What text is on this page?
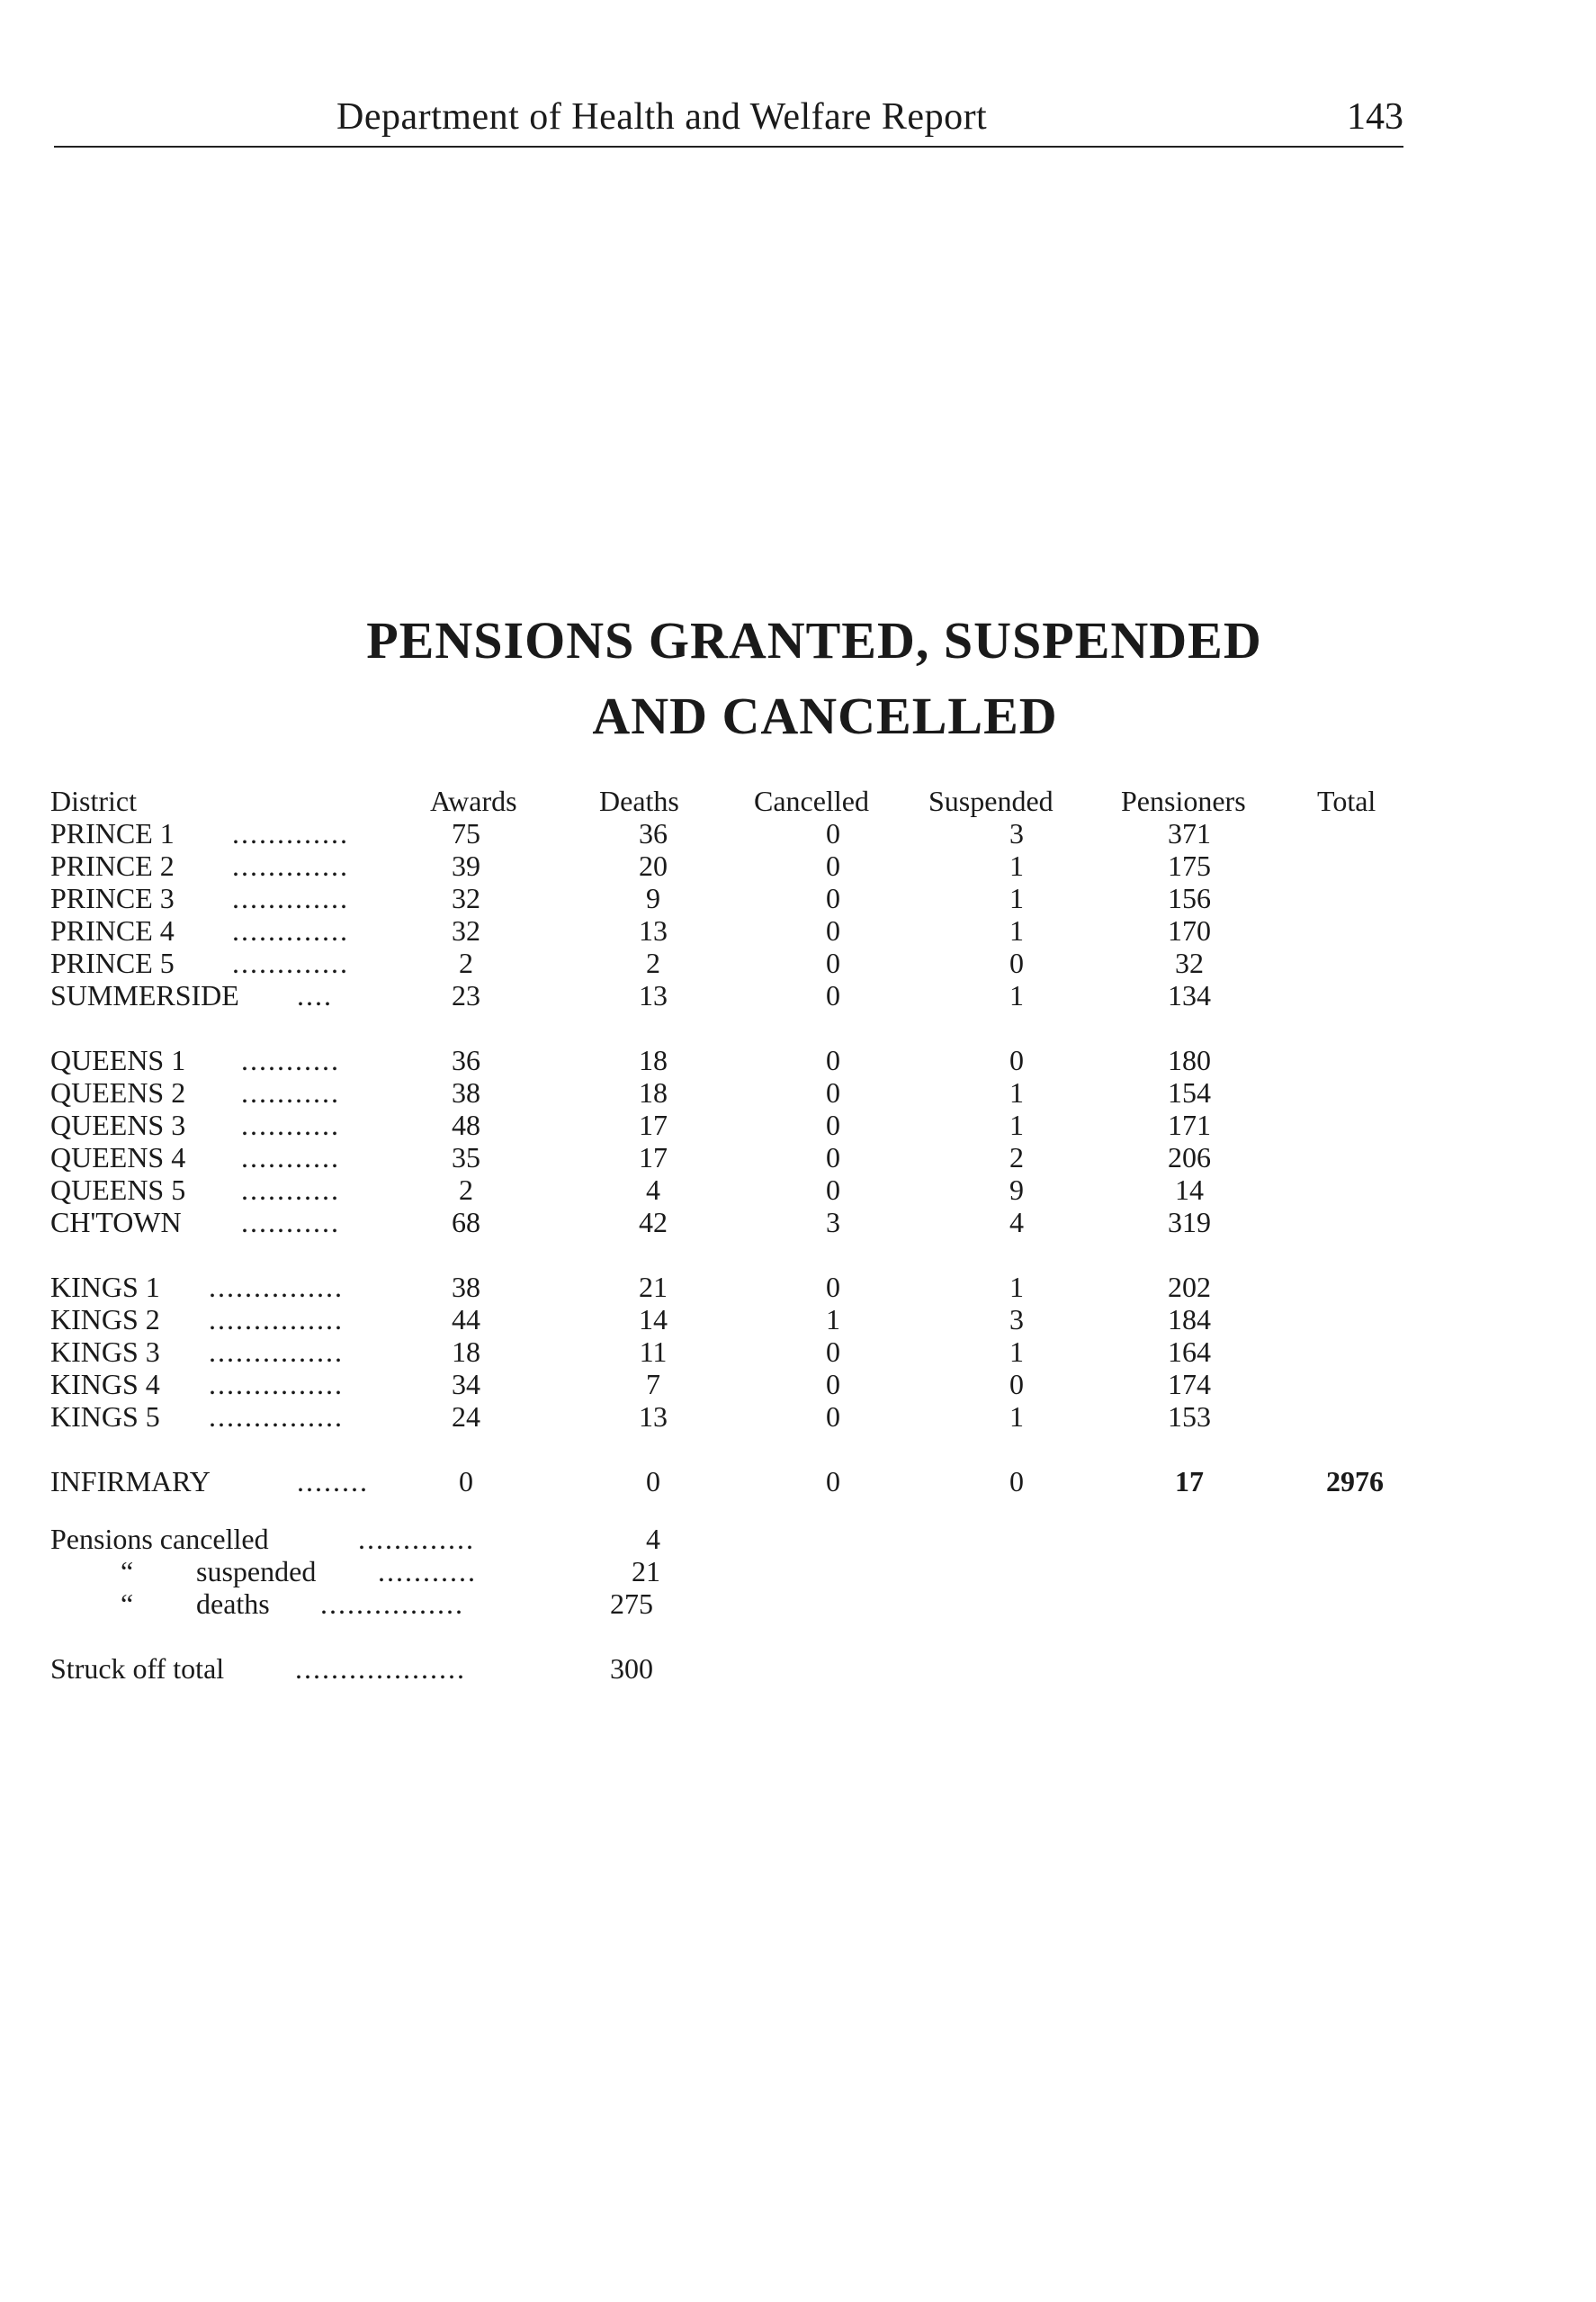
Department of Health and Welfare Report	143
PENSIONS GRANTED, SUSPENDED
AND CANCELLED
District	Awards	Deaths	Cancelled Suspended Pensioners Total
PRINCE 1 .............	75	36	0	3	371
PRINCE 2 .............	39	20	0	1	175
PRINCE 3 .............	32	9	0	1	156
PRINCE 4 .............	32	13	0	1	170
PRINCE 5 .............	2	2	0	0	32
SUMMERSIDE ....	23	13	0	1	134
QUEENS 1 ...........	36	18	0	0	180
QUEENS 2 ...........	38	18	0	1	154
QUEENS 3 ...........	48	17	0	1	171
QUEENS 4 ...........	35	17	0	2	206
QUEENS 5 ...........	2	4	0	9	14
CH'TOWN ...........	68	42	3	4	319
KINGS 1 ...............	38	21	0	1	202
KINGS 2 ...............	44	14	1	3	184
KINGS 3 ...............	18	11	0	1	164
KINGS 4 ...............	34	7	0	0	174
KINGS 5 ...............	24	13	0	1	153
INFIRMARY	........	0	0	0	0	17	2976
Pensions cancelled	.............	4
“ suspended ...........	21
“ deaths ................	275
Struck off total ...................	300
